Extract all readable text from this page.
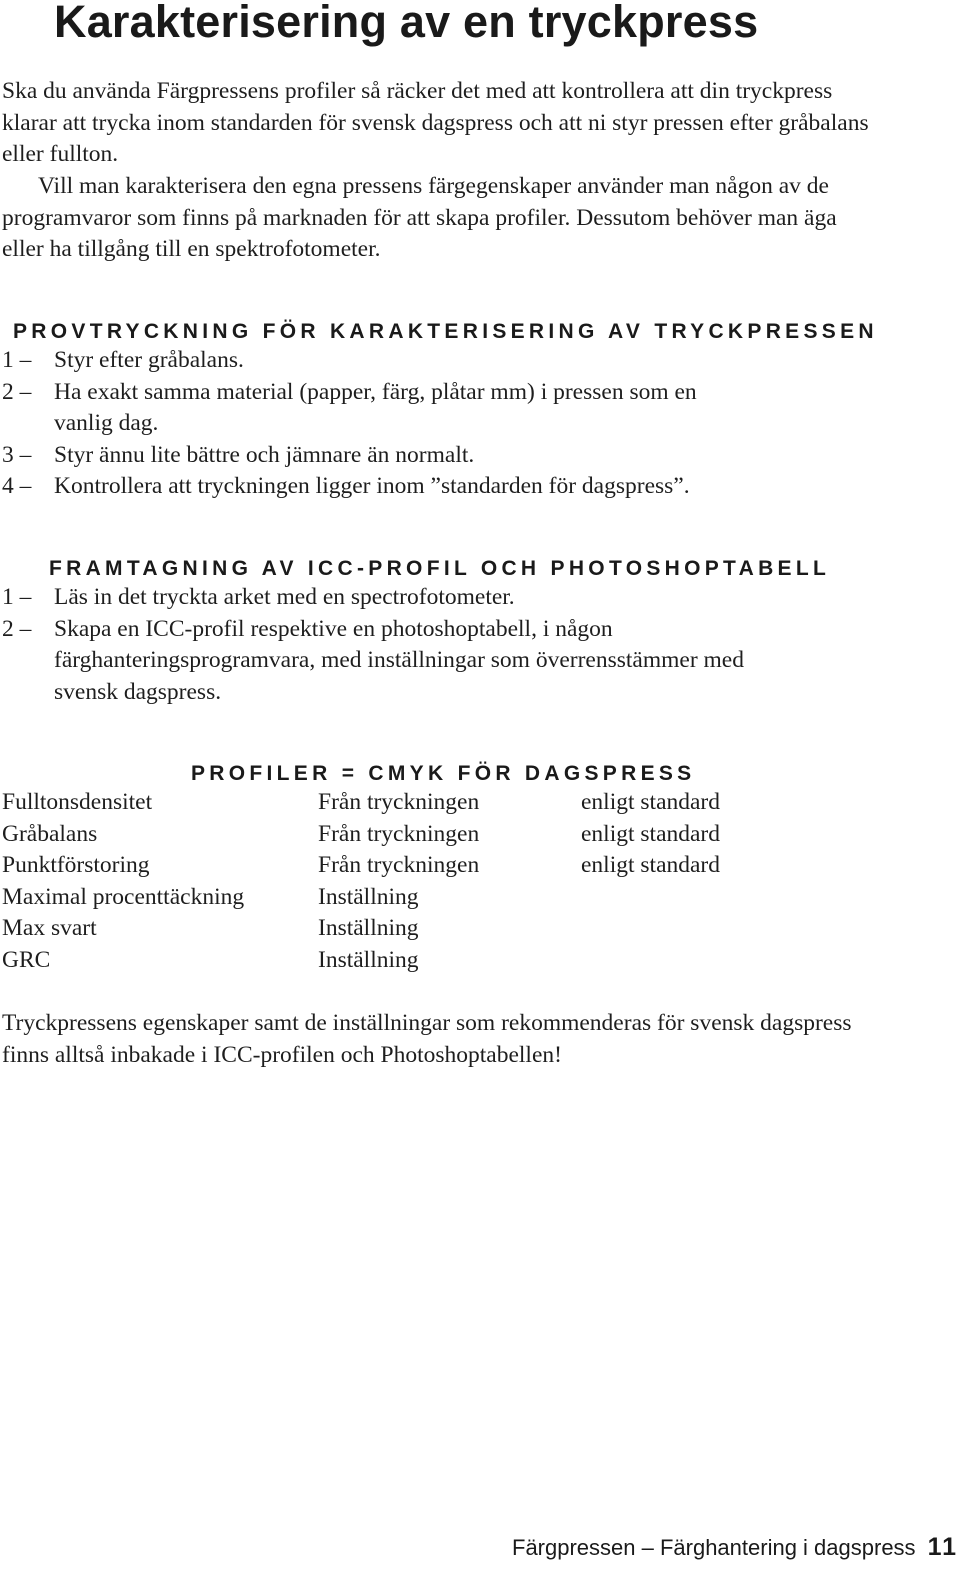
Karakterisering av en tryckpress

Ska du använda Färgpressens profiler så räcker det med att kontrollera att din tryckpress klarar att trycka inom standarden för svensk dagspress och att ni styr pressen efter gråbalans eller fullton.

Vill man karakterisera den egna pressens färgegenskaper använder man någon av de programvaror som finns på marknaden för att skapa profiler. Dessutom behöver man äga eller ha tillgång till en spektrofotometer.

PROVTRYCKNING FÖR KARAKTERISERING AV TRYCKPRESSEN
1 – Styr efter gråbalans.
2 – Ha exakt samma material (papper, färg, plåtar mm) i pressen som en vanlig dag.
3 – Styr ännu lite bättre och jämnare än normalt.
4 – Kontrollera att tryckningen ligger inom ”standarden för dagspress”.
FRAMTAGNING AV ICC-PROFIL OCH PHOTOSHOPTABELL
1 – Läs in det tryckta arket med en spectrofotometer.
2 – Skapa en ICC-profil respektive en photoshoptabell, i någon färghanteringsprogramvara, med inställningar som överrensstämmer med svensk dagspress.
PROFILER = CMYK FÖR DAGSPRESS
Fulltonsdensitet	Från tryckningen	enligt standard
Gråbalans	Från tryckningen	enligt standard
Punktförstoring	Från tryckningen	enligt standard
Maximal procenttäckning	Inställning
Max svart	Inställning
GRC	Inställning

Tryckpressens egenskaper samt de inställningar som rekommenderas för svensk dagspress finns alltså inbakade i ICC-profilen och Photoshoptabellen!

Färgpressen – Färghantering i dagspress 11
